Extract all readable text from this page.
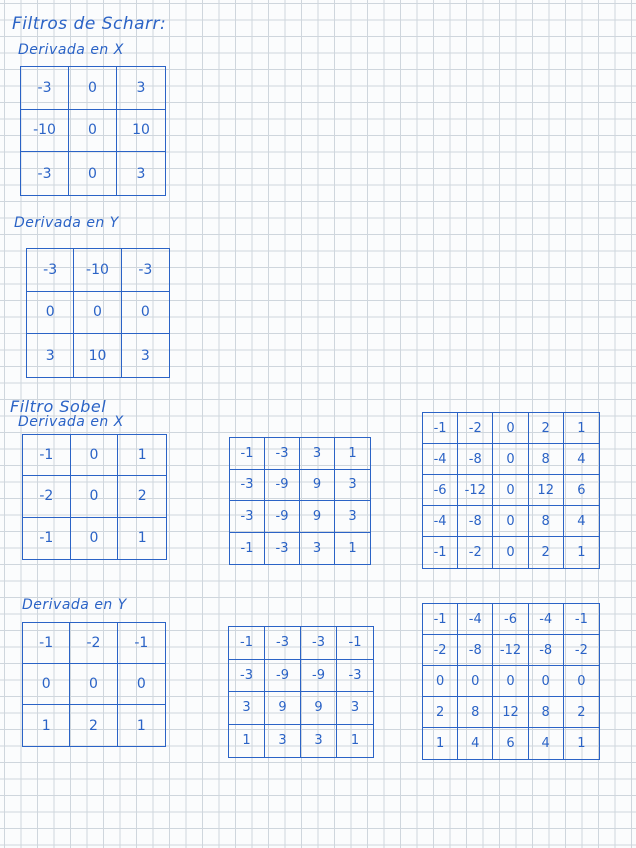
Filtros de Scharr:
Derivada en X
-3	0	3
-10	0	10
-3	0	3
Derivada en Y
-3	-10	-3
0	0	0
3	10	3
Filtro Sobel
Derivada en X
-1	0	1
-2	0	2
-1	0	1
-1	-3	3	1
-3	-9	9	3
-3	-9	9	3
-1	-3	3	1
-1	-2	0	2	1
-4	-8	0	8	4
-6	-12	0	12	6
-4	-8	0	8	4
-1	-2	0	2	1
Derivada en Y
-1	-2	-1
0	0	0
1	2	1
-1	-3	-3	-1
-3	-9	-9	-3
3	9	9	3
1	3	3	1
-1	-4	-6	-4	-1
-2	-8	-12	-8	-2
0	0	0	0	0
2	8	12	8	2
1	4	6	4	1
